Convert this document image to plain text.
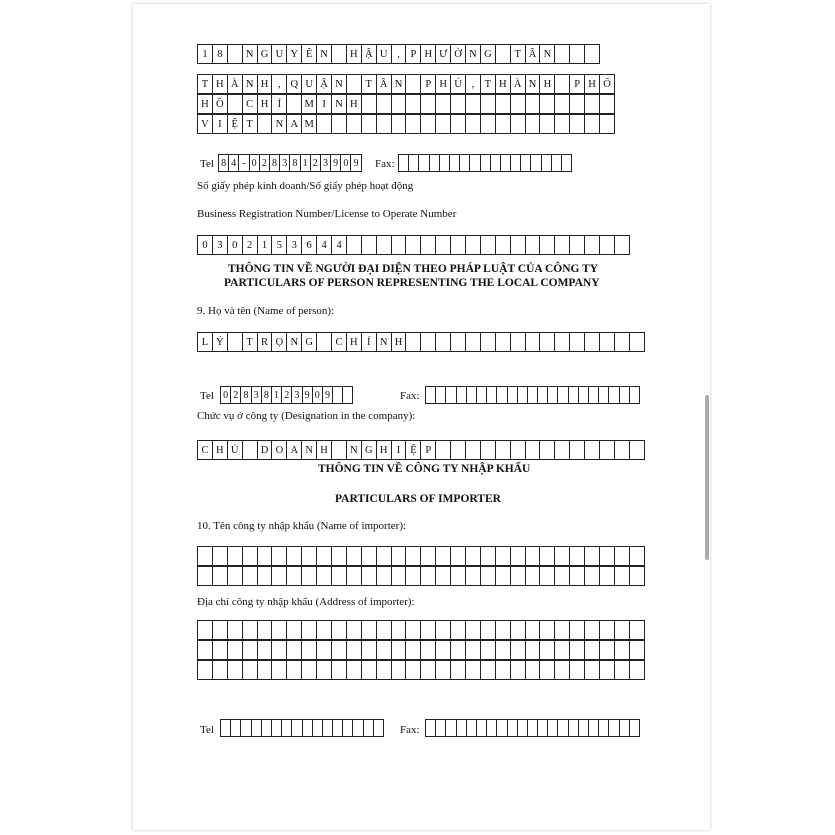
1 8	N G U Y Ê N	H Ậ U ,	P H Ư Ờ N G	T Â N
T H À N H , Q U Ậ N	T Â N	P H Ú , T H À N H	P H Ố
H Ồ	C H Í	M I N H
V I Ệ T	N A M
Tel 8 4 - 0 2 8 3 8 1 2 3 9 0 9 Fax:
Số giấy phép kinh doanh/Số giấy phép hoạt động
Business Registration Number/License to Operate Number
0 3 0 2 1 5 3 6 4 4
THÔNG TIN VỀ NGƯỜI ĐẠI DIỆN THEO PHÁP LUẬT CỦA CÔNG TY
PARTICULARS OF PERSON REPRESENTING THE LOCAL COMPANY
9. Họ và tên (Name of person):
L Ý	T R Ọ N G	C H Í N H
Tel 0 2 8 3 8 1 2 3 9 0 9	Fax:
Chức vụ ở công ty (Designation in the company):
C H Ủ	D O A N H	N G H I Ệ P
THÔNG TIN VỀ CÔNG TY NHẬP KHẨU
PARTICULARS OF IMPORTER
10. Tên công ty nhập khẩu (Name of importer):
Địa chỉ công ty nhập khẩu (Address of importer):
Tel	Fax:
